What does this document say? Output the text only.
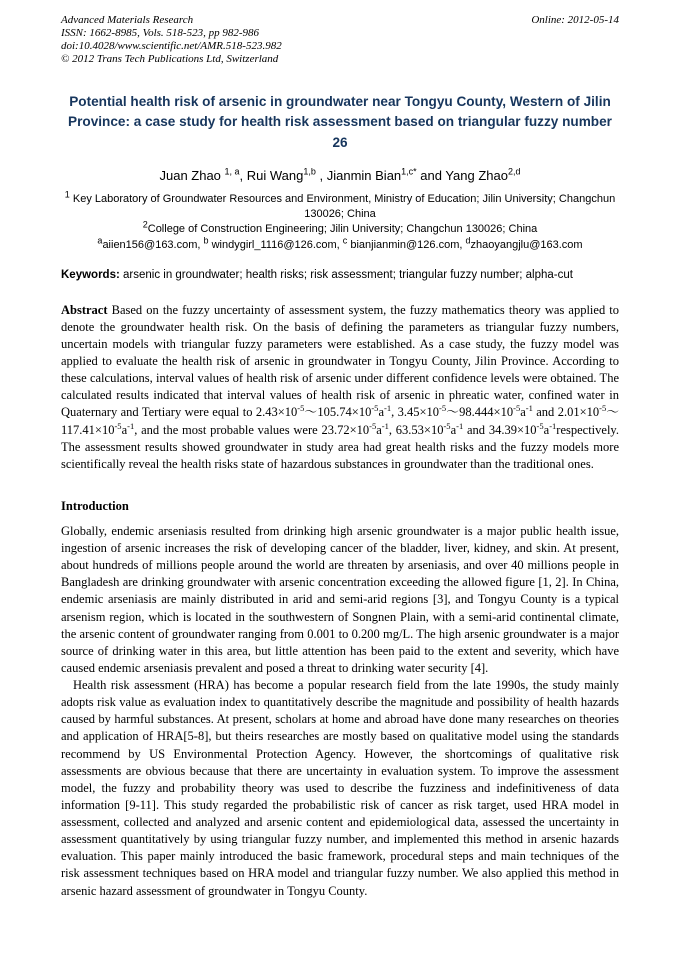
Advanced Materials Research	Online: 2012-05-14
ISSN: 1662-8985, Vols. 518-523, pp 982-986
doi:10.4028/www.scientific.net/AMR.518-523.982
© 2012 Trans Tech Publications Ltd, Switzerland
Potential health risk of arsenic in groundwater near Tongyu County, Western of Jilin Province: a case study for health risk assessment based on triangular fuzzy number 26
Juan Zhao $^{1, a}$, Rui Wang$^{1,b}$ , Jianmin Bian$^{1,c*}$ and Yang Zhao$^{2,d}$
$^1$ Key Laboratory of Groundwater Resources and Environment, Ministry of Education; Jilin University; Changchun 130026; China
$^2$College of Construction Engineering; Jilin University; Changchun 130026; China
$^a$aiien156@163.com, $^b$ windygirl_1116@126.com, $^c$ bianjianmin@126.com, $^d$zhaoyangjlu@163.com

Keywords: arsenic in groundwater; health risks; risk assessment; triangular fuzzy number; alpha-cut

Abstract Based on the fuzzy uncertainty of assessment system, the fuzzy mathematics theory was applied to denote the groundwater health risk. On the basis of defining the parameters as triangular fuzzy numbers, uncertain models with triangular fuzzy parameters were established. As a case study, the fuzzy model was applied to evaluate the health risk of arsenic in groundwater in Tongyu County, Jilin Province. According to these calculations, interval values of health risk of arsenic under different confidence levels were obtained. The calculated results indicated that interval values of health risk of arsenic in phreatic water, confined water in Quaternary and Tertiary were equal to $2.43\times 10^{-5}\sim 105.74\times 10^{-5}a^{-1}$, $3.45\times 10^{-5}\sim 98.444\times 10^{-5}a^{-1}$ and $2.01\times 10^{-5}\sim 117.41\times 10^{-5}a^{-1}$, and the most probable values were $23.72\times 10^{-5}a^{-1}$, $63.53\times 10^{-5}a^{-1}$ and $34.39\times 10^{-5}a^{-1}respectively$. The assessment results showed groundwater in study area had great health risks and the fuzzy models more scientifically reveal the health risks state of hazardous substances in groundwater than the traditional ones.

Introduction

Globally, endemic arseniasis resulted from drinking high arsenic groundwater is a major public health issue, ingestion of arsenic increases the risk of developing cancer of the bladder, liver, kidney, and skin. At present, about hundreds of millions people around the world are threaten by arseniasis, and over 40 millions people in Bangladesh are drinking groundwater with arsenic concentration exceeding the allowed figure [1, 2]. In China, endemic arseniasis are mainly distributed in arid and semi-arid regions [3], and Tongyu County is a typical arsenism region, which is located in the southwestern of Songnen Plain, with a semi-arid continental climate, the arsenic content of groundwater ranging from 0.001 to 0.200 mg/L. The high arsenic groundwater is a major source of drinking water in this area, but little attention has been paid to the extent and severity, which have caused endemic arseniasis prevalent and posed a threat to drinking water security [4].

Health risk assessment (HRA) has become a popular research field from the late 1990s, the study mainly adopts risk value as evaluation index to quantitatively describe the magnitude and possibility of health hazards caused by harmful substances. At present, scholars at home and abroad have done many researches on theories and application of HRA[5-8], but theirs researches are mostly based on qualitative model using the standards recommend by US Environmental Protection Agency. However, the shortcomings of qualitative risk assessments are obvious because that there are uncertainty in evaluation system. To improve the assessment model, the fuzzy and probability theory was used to describe the fuzziness and indefinitiveness of data information [9-11]. This study regarded the probabilistic risk of cancer as risk target, used HRA model in assessment, collected and analyzed and arsenic content and epidemiological data, assessed the uncertainty in assessment quantitatively by using triangular fuzzy number, and implemented this method in arsenic hazards evaluation. This paper mainly introduced the basic framework, procedural steps and main techniques of the risk assessment techniques based on HRA model and triangular fuzzy number. We also applied this method in arsenic hazard assessment of groundwater in Tongyu County.
